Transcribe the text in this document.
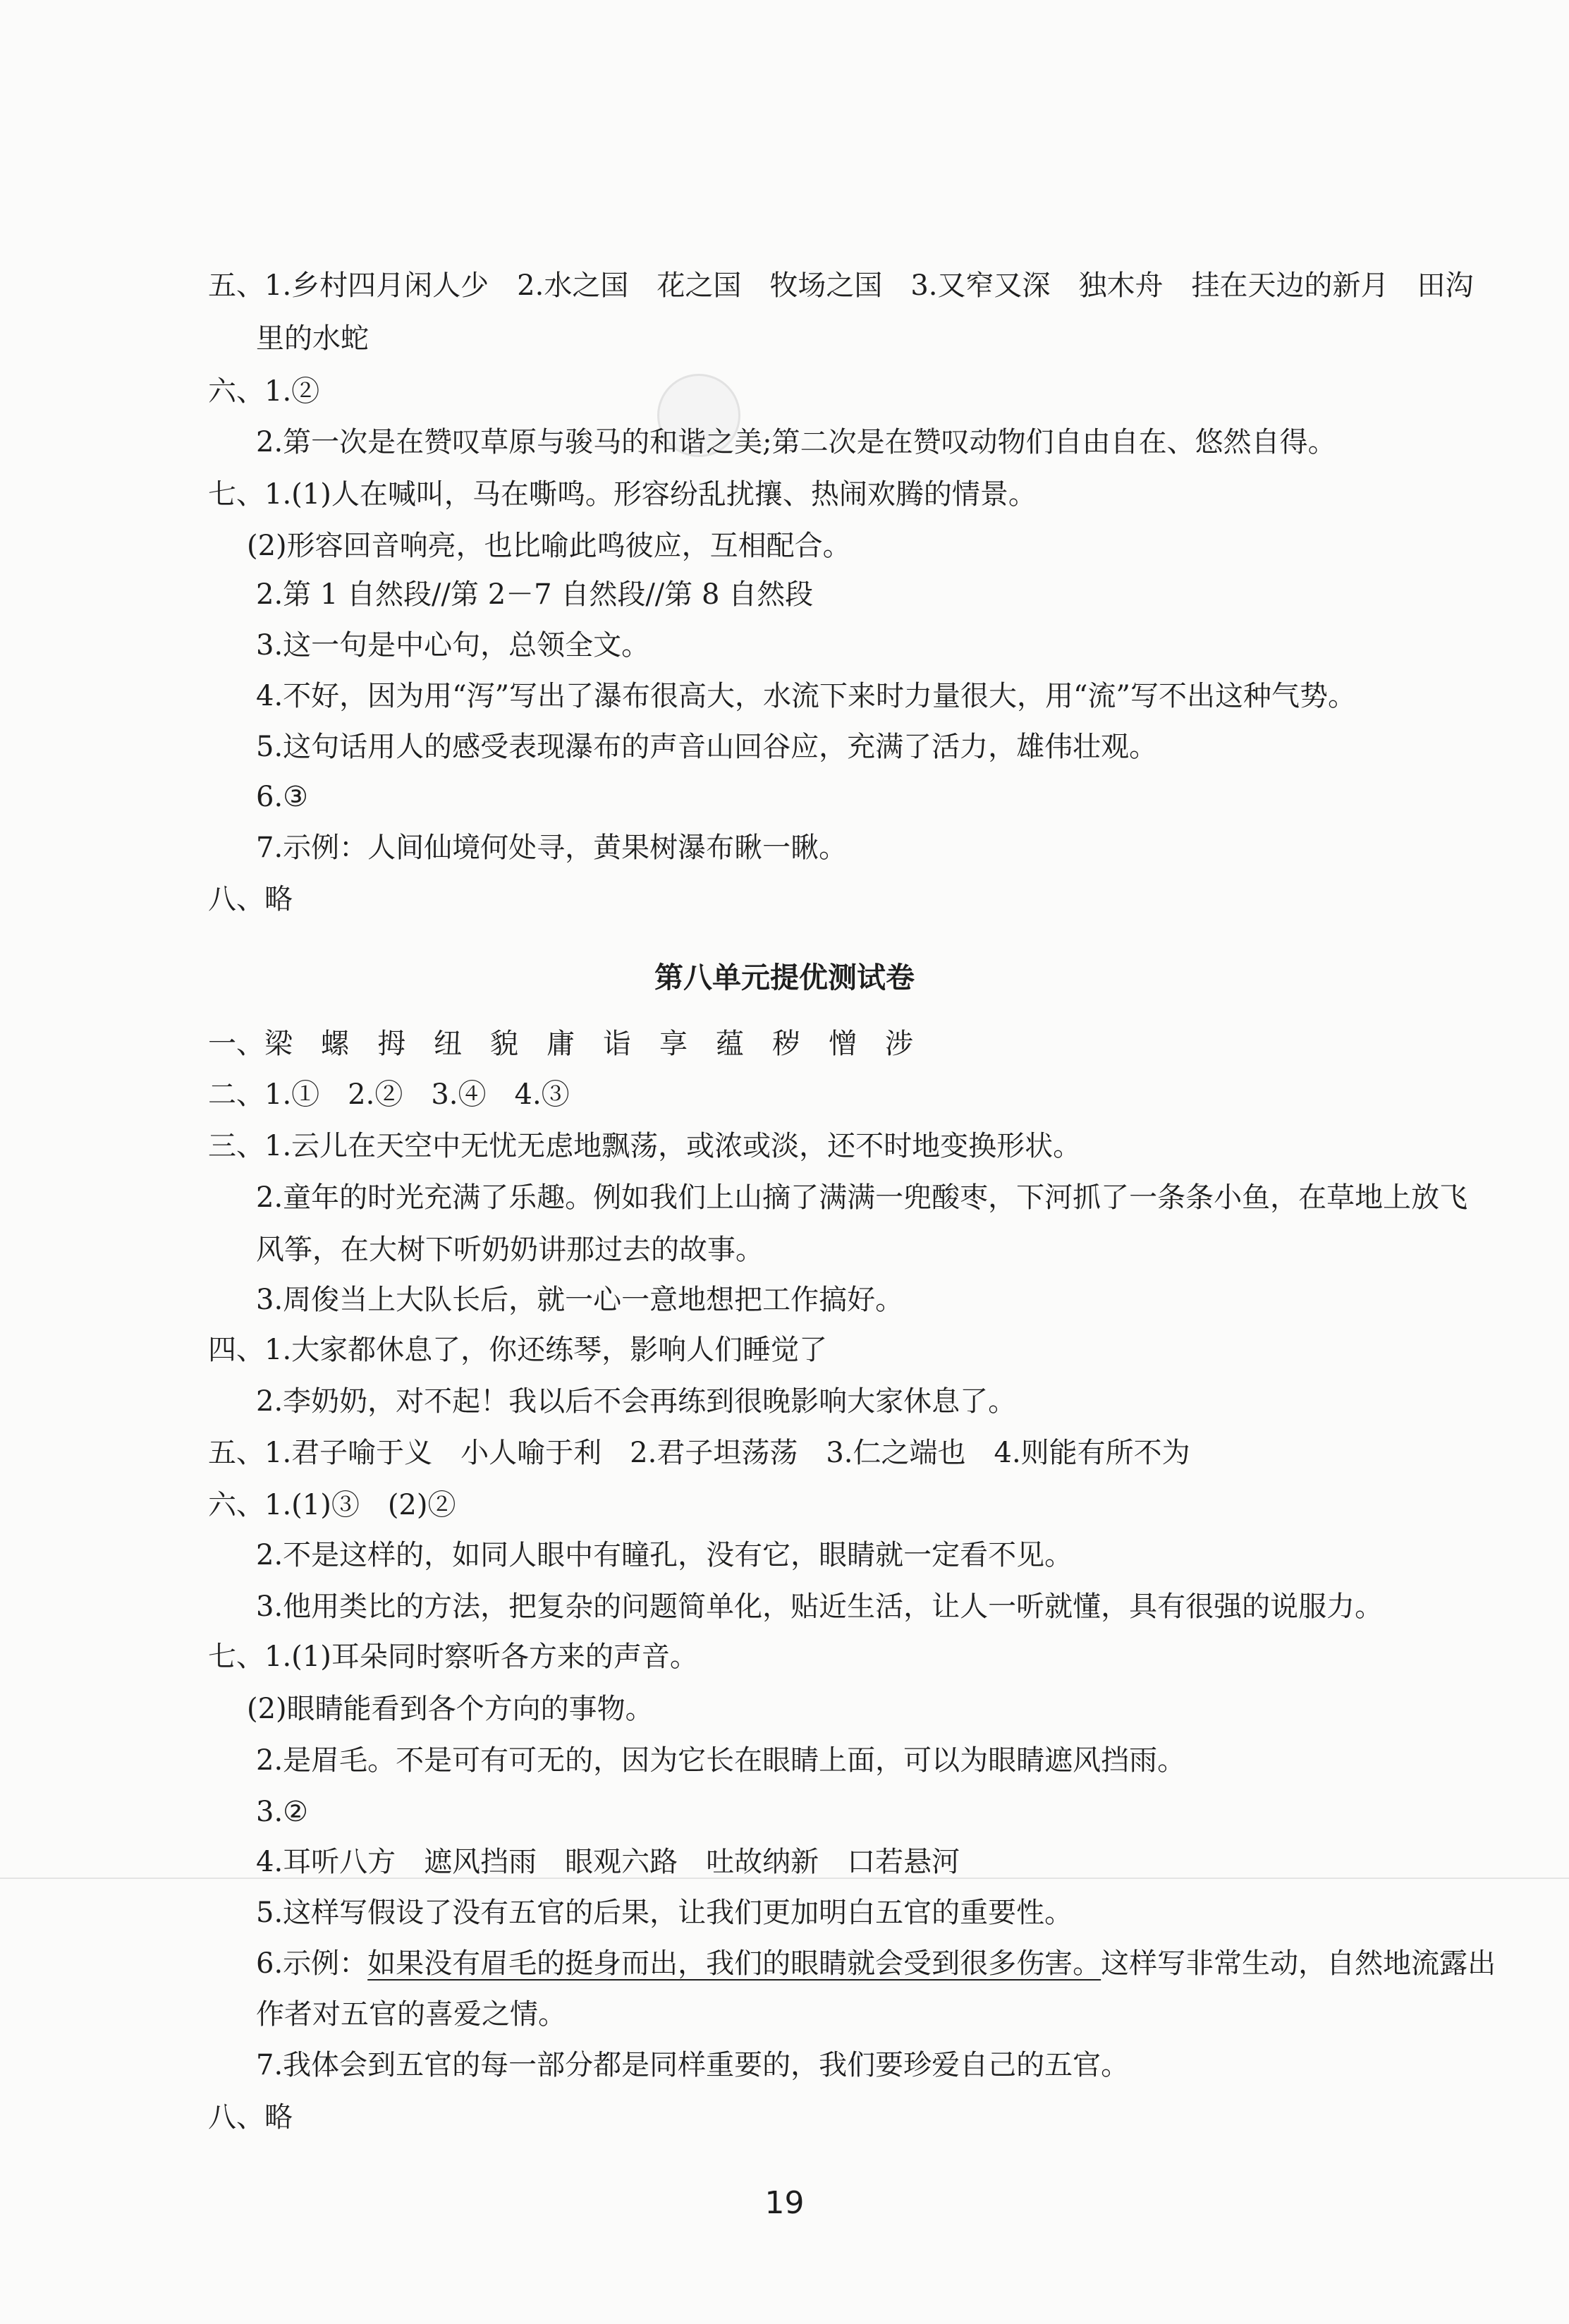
五、1.乡村四月闲人少　2.水之国　花之国　牧场之国　3.又窄又深　独木舟　挂在天边的新月　田沟
里的水蛇
六、1.②
2.第一次是在赞叹草原与骏马的和谐之美;第二次是在赞叹动物们自由自在、悠然自得。
七、1.(1)人在喊叫，马在嘶鸣。形容纷乱扰攘、热闹欢腾的情景。
(2)形容回音响亮，也比喻此鸣彼应，互相配合。
2.第 1 自然段//第 2－7 自然段//第 8 自然段
3.这一句是中心句，总领全文。
4.不好，因为用“泻”写出了瀑布很高大，水流下来时力量很大，用“流”写不出这种气势。
5.这句话用人的感受表现瀑布的声音山回谷应，充满了活力，雄伟壮观。
6.③
7.示例：人间仙境何处寻，黄果树瀑布瞅一瞅。
八、略
第八单元提优测试卷
一、梁　螺　拇　纽　貌　庸　诣　享　蕴　秽　憎　涉
二、1.①　2.②　3.④　4.③
三、1.云儿在天空中无忧无虑地飘荡，或浓或淡，还不时地变换形状。
2.童年的时光充满了乐趣。例如我们上山摘了满满一兜酸枣，下河抓了一条条小鱼，在草地上放飞
风筝，在大树下听奶奶讲那过去的故事。
3.周俊当上大队长后，就一心一意地想把工作搞好。
四、1.大家都休息了，你还练琴，影响人们睡觉了
2.李奶奶，对不起！我以后不会再练到很晚影响大家休息了。
五、1.君子喻于义　小人喻于利　2.君子坦荡荡　3.仁之端也　4.则能有所不为
六、1.(1)③　(2)②
2.不是这样的，如同人眼中有瞳孔，没有它，眼睛就一定看不见。
3.他用类比的方法，把复杂的问题简单化，贴近生活，让人一听就懂，具有很强的说服力。
七、1.(1)耳朵同时察听各方来的声音。
(2)眼睛能看到各个方向的事物。
2.是眉毛。不是可有可无的，因为它长在眼睛上面，可以为眼睛遮风挡雨。
3.②
4.耳听八方　遮风挡雨　眼观六路　吐故纳新　口若悬河
5.这样写假设了没有五官的后果，让我们更加明白五官的重要性。
6.示例：如果没有眉毛的挺身而出，我们的眼睛就会受到很多伤害。这样写非常生动，自然地流露出
作者对五官的喜爱之情。
7.我体会到五官的每一部分都是同样重要的，我们要珍爱自己的五官。
八、略
19
